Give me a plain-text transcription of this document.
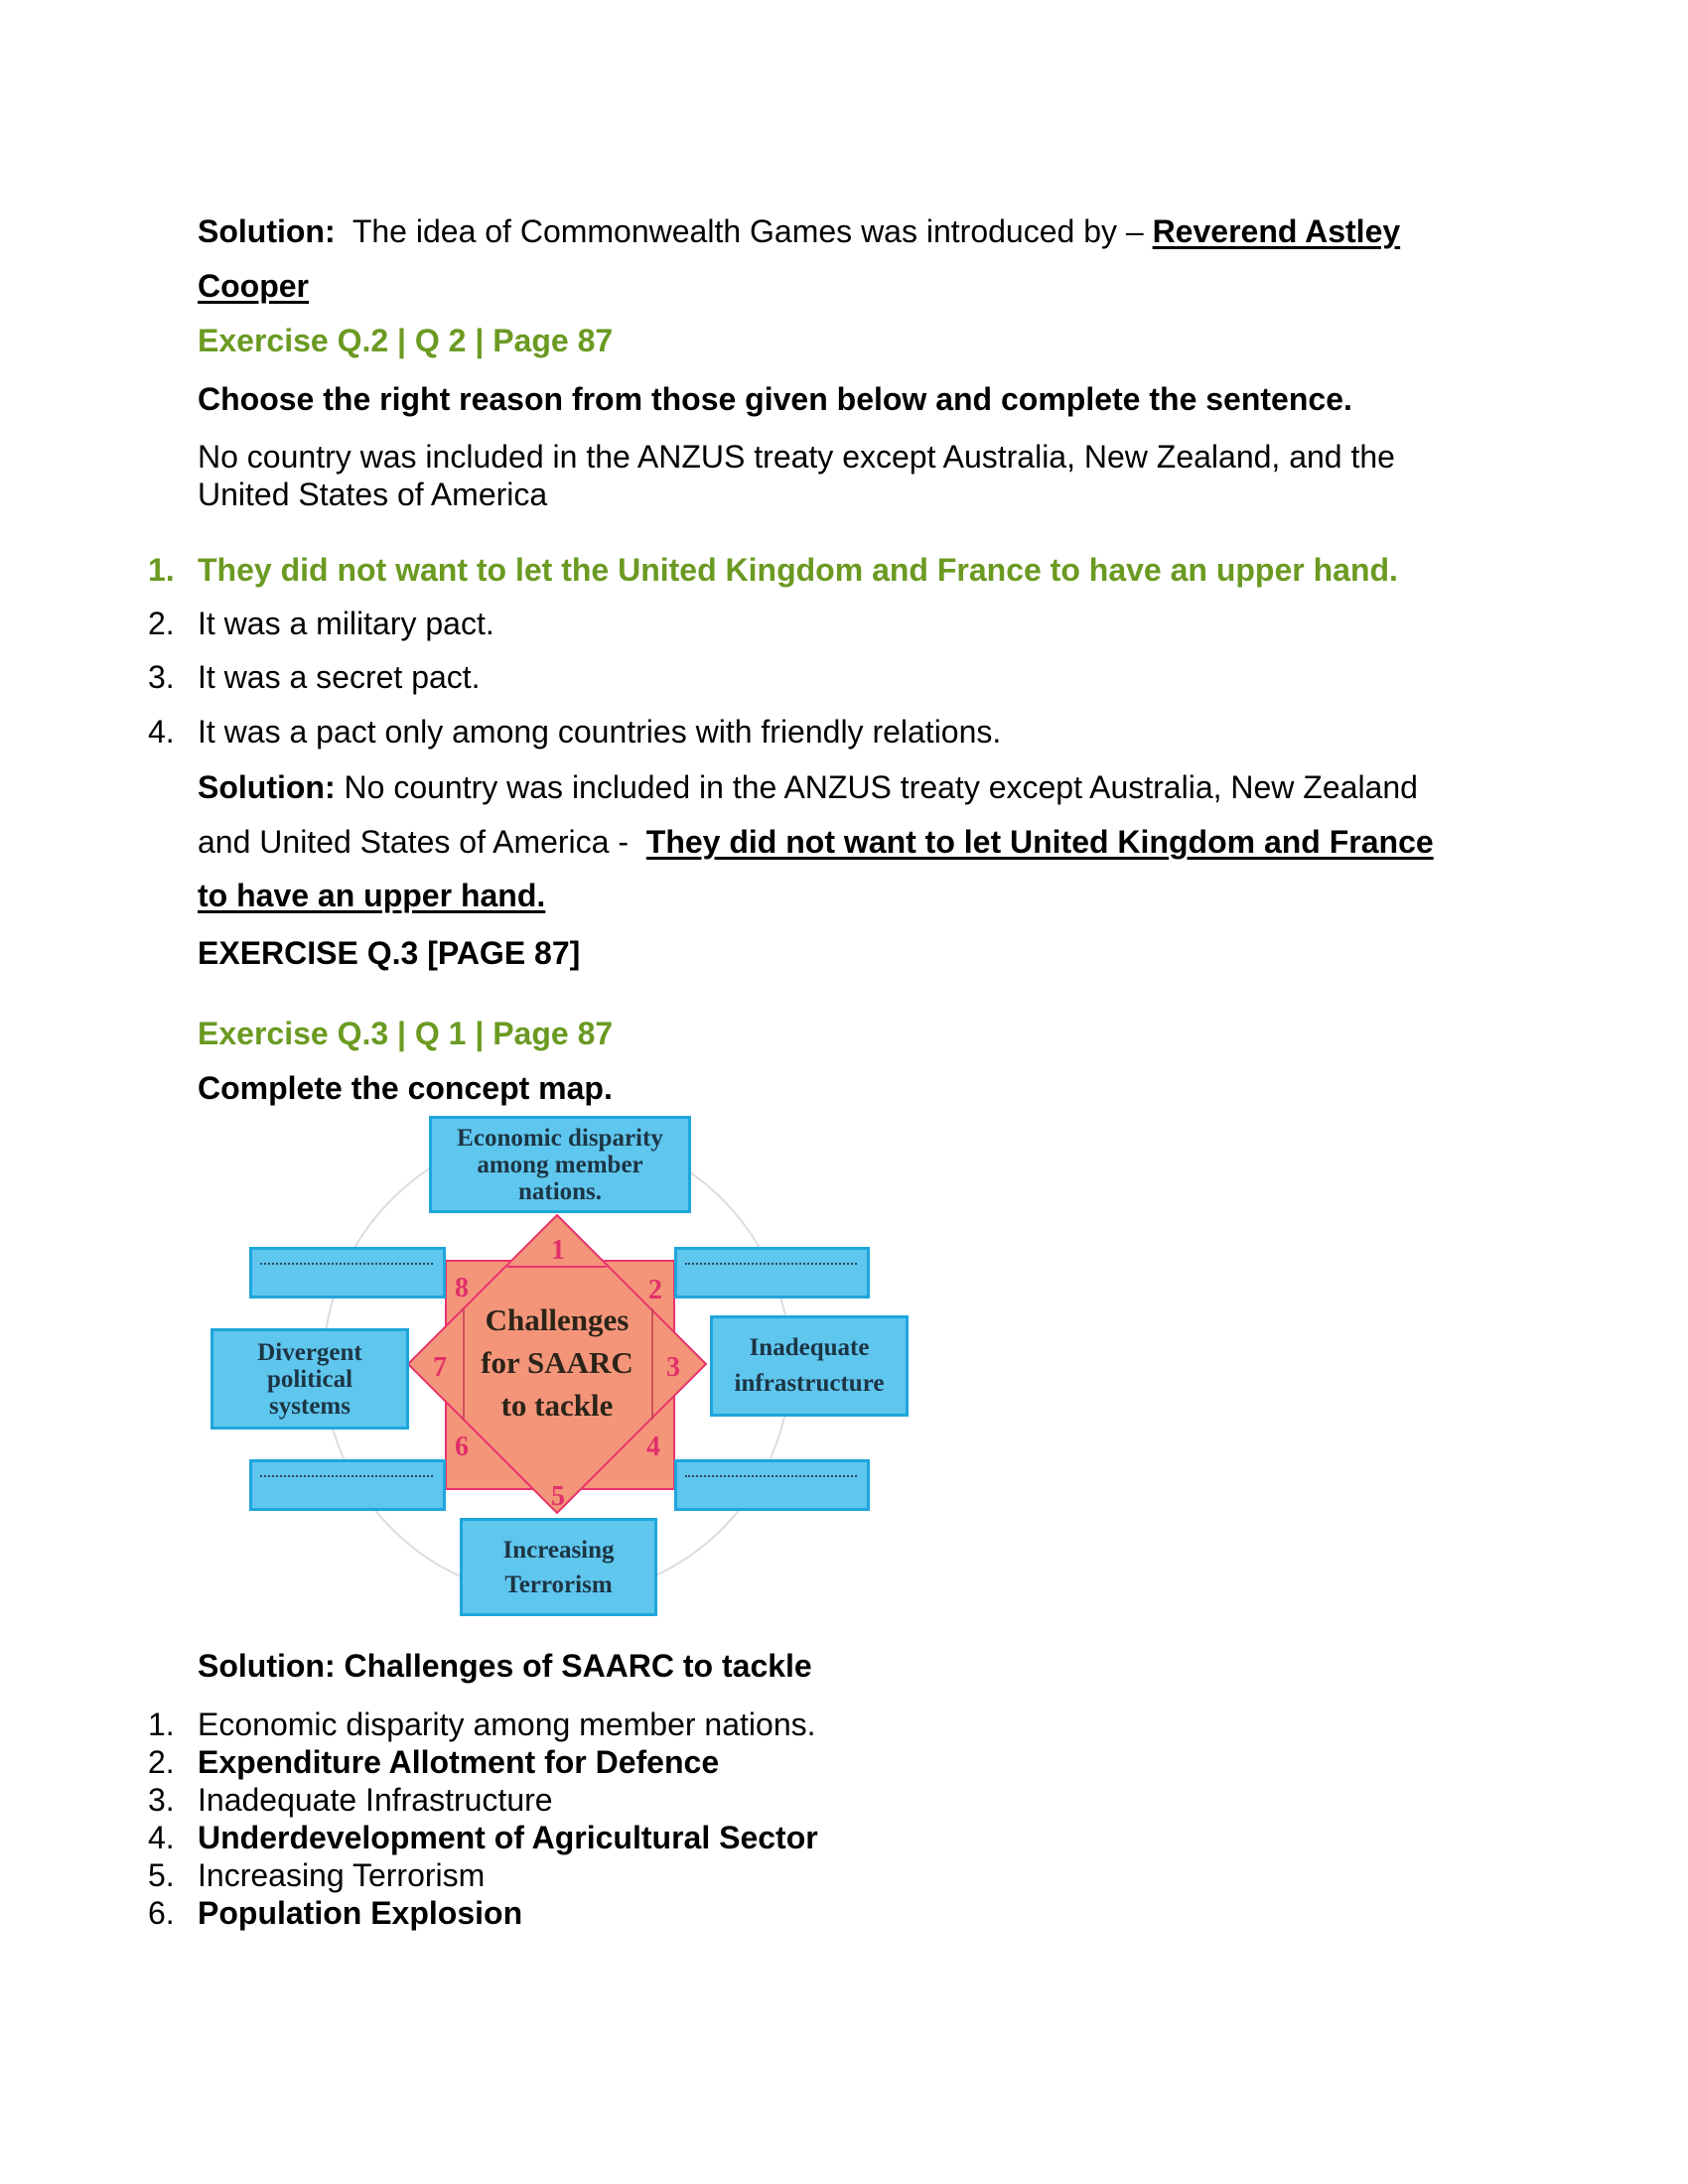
Solution: The idea of Commonwealth Games was introduced by – Reverend Astley
Cooper
Exercise Q.2 | Q 2 | Page 87
Choose the right reason from those given below and complete the sentence.
No country was included in the ANZUS treaty except Australia, New Zealand, and the
United States of America
1. They did not want to let the United Kingdom and France to have an upper hand.
2. It was a military pact.
3. It was a secret pact.
4. It was a pact only among countries with friendly relations.
Solution: No country was included in the ANZUS treaty except Australia, New Zealand
and United States of America - They did not want to let United Kingdom and France
to have an upper hand.
EXERCISE Q.3 [PAGE 87]
Exercise Q.3 | Q 1 | Page 87
Complete the concept map.
1
2
3
4
5
6
7
8
Challenges
for SAARC
to tackle
Economic disparity
among member
nations.
Divergent
political
systems
Inadequate
infrastructure
Increasing
Terrorism
Solution: Challenges of SAARC to tackle
1. Economic disparity among member nations.
2. Expenditure Allotment for Defence
3. Inadequate Infrastructure
4. Underdevelopment of Agricultural Sector
5. Increasing Terrorism
6. Population Explosion
